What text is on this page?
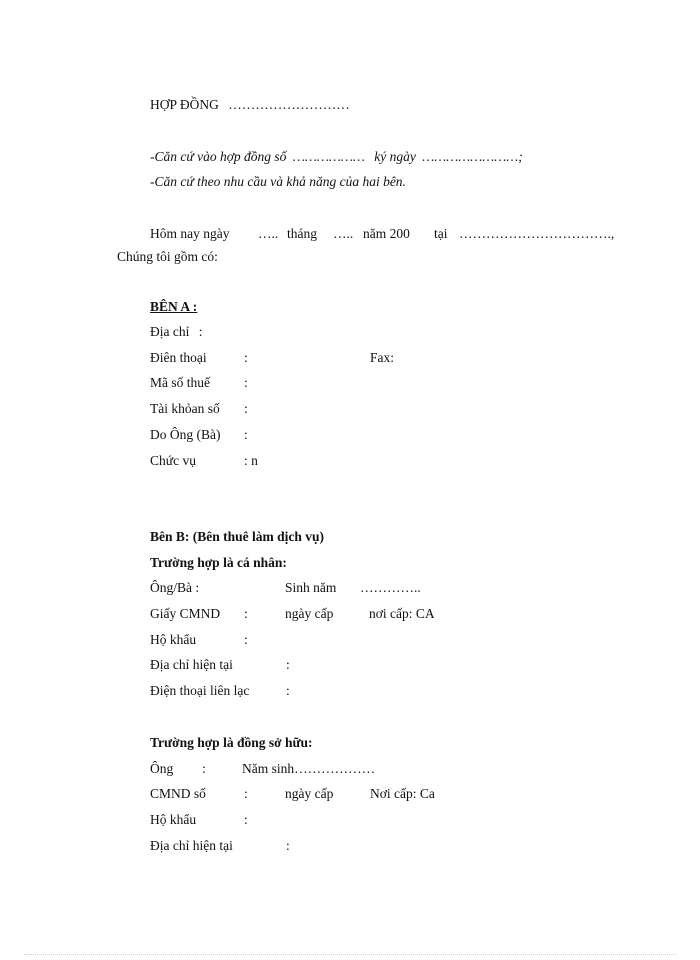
HỢP ĐỒNG ………………………
-Căn cứ vào hợp đồng số ……………… ký ngày ……………………;
-Căn cứ theo nhu cầu và khả năng của hai bên.
Hôm nay ngày ….. tháng ….. năm 200 tại …………………………….,
Chúng tôi gồm có:
BÊN A :
Địa chỉ :
Điên thoại	:	Fax:
Mã số thuế	:
Tài khỏan số :
Do Ông (Bà) :
Chức vụ	: n
Bên B: (Bên thuê làm dịch vụ)
Trường hợp là cá nhân:
Ông/Bà :	Sinh năm …………..
Giấy CMND :	ngày cấp	nơi cấp: CA
Hộ khẩu	:
Địa chỉ hiện tại	:
Điện thoại liên lạc	:
Trường hợp là đồng sở hữu:
Ông :	Năm sinh………………
CMND số	:	ngày cấp	Nơi cấp: Ca
Hộ khẩu	:
Địa chỉ hiện tại	:
